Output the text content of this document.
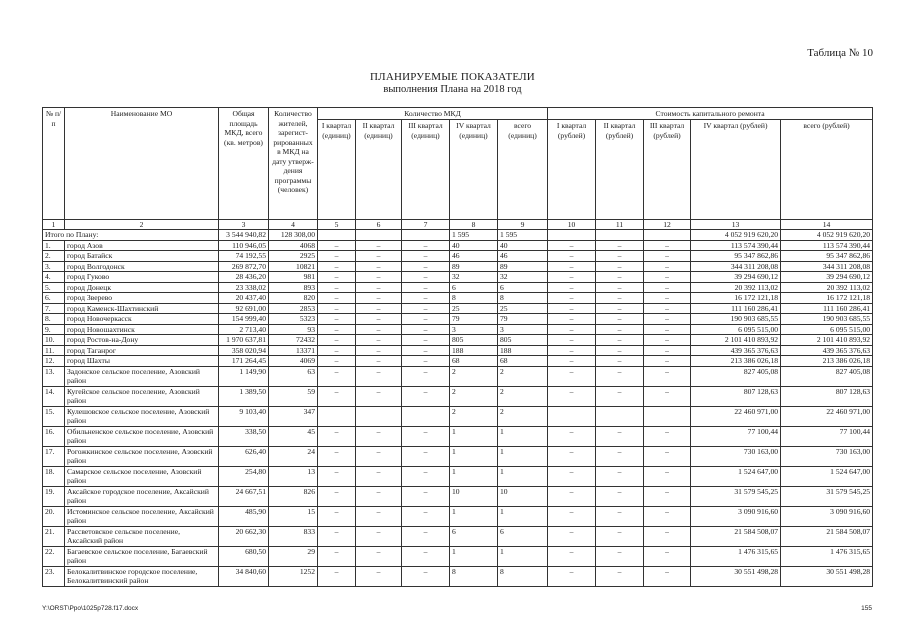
Таблица № 10
ПЛАНИРУЕМЫЕ ПОКАЗАТЕЛИ
выполнения Плана на 2018 год
№ п/п	Наименование МО	Общая площадь МКД, всего (кв. метров)	Количество жителей, зарегист-рированных в МКД на дату утверж-дения программы (человек)	Количество МКД					Стоимость капитального ремонта				
				I квартал (единиц)	II квартал (единиц)	III квартал (единиц)	IV квартал (единиц)	всего (единиц)	I квартал (рублей)	II квартал (рублей)	III квартал (рублей)	IV квартал (рублей)	всего (рублей)
1	2	3	4	5	6	7	8	9	10	11	12	13	14
Итого по Плану:		3 544 940,82	128 308,00				1 595	1 595				4 052 919 620,20	4 052 919 620,20
1.	город Азов	110 946,05	4068	–	–	–	40	40	–	–	–	113 574 390,44	113 574 390,44
2.	город Батайск	74 192,55	2925	–	–	–	46	46	–	–	–	95 347 862,86	95 347 862,86
3.	город Волгодонск	269 872,70	10821	–	–	–	89	89	–	–	–	344 311 208,08	344 311 208,08
4.	город Гуково	28 436,20	981	–	–	–	32	32	–	–	–	39 294 690,12	39 294 690,12
5.	город Донецк	23 338,02	893	–	–	–	6	6	–	–	–	20 392 113,02	20 392 113,02
6.	город Зверево	20 437,40	820	–	–	–	8	8	–	–	–	16 172 121,18	16 172 121,18
7.	город Каменск-Шахтинский	92 691,00	2853	–	–	–	25	25	–	–	–	111 160 286,41	111 160 286,41
8.	город Новочеркасск	154 999,40	5323	–	–	–	79	79	–	–	–	190 903 685,55	190 903 685,55
9.	город Новошахтинск	2 713,40	93	–	–	–	3	3	–	–	–	6 095 515,00	6 095 515,00
10.	город Ростов-на-Дону	1 970 637,81	72432	–	–	–	805	805	–	–	–	2 101 410 893,92	2 101 410 893,92
11.	город Таганрог	358 020,94	13371	–	–	–	188	188	–	–	–	439 365 376,63	439 365 376,63
12.	город Шахты	171 264,45	4069	–	–	–	68	68	–	–	–	213 386 026,18	213 386 026,18
13.	Задонское сельское поселение, Азовский район	1 149,90	63	–	–	–	2	2	–	–	–	827 405,08	827 405,08
14.	Кугейское сельское поселение, Азовский район	1 389,50	59	–	–	–	2	2	–	–	–	807 128,63	807 128,63
15.	Кулешовское сельское поселение, Азовский район	9 103,40	347				2	2				22 460 971,00	22 460 971,00
16.	Обильненское сельское поселение, Азовский район	338,50	45	–	–	–	1	1	–	–	–	77 100,44	77 100,44
17.	Рогожкинское сельское поселение, Азовский район	626,40	24	–	–	–	1	1	–	–	–	730 163,00	730 163,00
18.	Самарское сельское поселение, Азовский район	254,80	13	–	–	–	1	1	–	–	–	1 524 647,00	1 524 647,00
19.	Аксайское городское поселение, Аксайский район	24 667,51	826	–	–	–	10	10	–	–	–	31 579 545,25	31 579 545,25
20.	Истоминское сельское поселение, Аксайский район	485,90	15	–	–	–	1	1	–	–	–	3 090 916,60	3 090 916,60
21.	Рассветовское сельское поселение, Аксайский район	20 662,30	833	–	–	–	6	6	–	–	–	21 584 508,07	21 584 508,07
22.	Багаевское сельское поселение, Багаевский район	680,50	29	–	–	–	1	1	–	–	–	1 476 315,65	1 476 315,65
23.	Белокалитвинское городское поселение, Белокалитвинский район	34 840,60	1252	–	–	–	8	8	–	–	–	30 551 498,28	30 551 498,28
Y:\ORST\Ppo\1025p728.f17.docx	155
